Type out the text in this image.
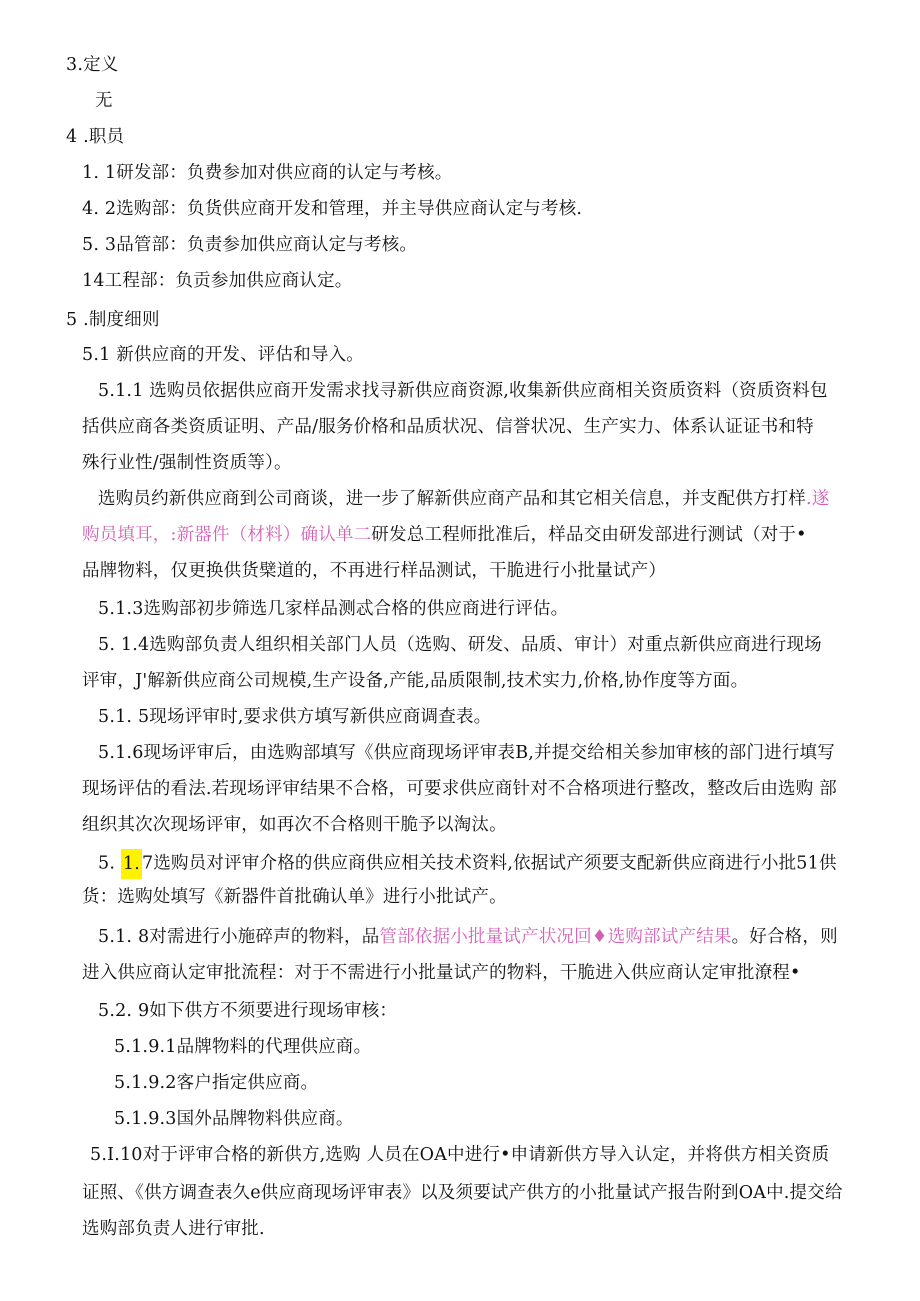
3.定义
无
4 .职员
1. 1研发部：负费参加对供应商的认定与考核。
4. 2选购部：负货供应商开发和管理，并主导供应商认定与考核.
5. 3品管部：负责参加供应商认定与考核。
14工程部：负贡参加供应商认定。
5 .制度细则
5.1 新供应商的开发、评估和导入。
5.1.1 选购员依据供应商开发需求找寻新供应商资源,收集新供应商相关资质资料（资质资料包
括供应商各类资质证明、产品/服务价格和品质状况、信誉状况、生产实力、体系认证证书和特
殊行业性/强制性资质等）。
选购员约新供应商到公司商谈，进一步了解新供应商产品和其它相关信息，并支配供方打样.遂
购员填耳，:新器件（材料）确认单二研发总工程师批准后，样品交由研发部进行测试（对于•
品牌物料，仅更换供货檗道的，不再进行样品测试，干脆进行小批量试产）
5.1.3选购部初步筛选几家样品测忒合格的供应商进行评估。
5. 1.4选购部负责人组织相关部门人员（选购、研发、品质、审计）对重点新供应商进行现场
评审，J'解新供应商公司规模,生产设备,产能,品质限制,技术实力,价格,协作度等方面。
5.1. 5现场评审时,要求供方填写新供应商调查表。
5.1.6现场评审后，由选购部填写《供应商现场评审表B,并提交给相关参加审核的部门进行填写
现场评估的看法.若现场评审结果不合格，可要求供应商针对不合格项进行整改，整改后由选购 部
组织其次次现场评审，如再次不合格则干脆予以淘汰。
5. 1. 7选购员对评审介格的供应商供应相关技术资料,依据试产须要支配新供应商进行小批51供
货：选购处填写《新器件首批确认单》进行小批试产。
5.1. 8对需进行小施碎声的物料，品管部依据小批量试产状况回♦选购部试产结果。好合格，则
进入供应商认定审批流程：对于不需进行小批量试产的物料，干脆进入供应商认定审批潦程•
5.2. 9如下供方不须要进行现场审核：
5.1.9.1品牌物料的代理供应商。
5.1.9.2客户指定供应商。
5.1.9.3国外品牌物料供应商。
5.I.10对于评审合格的新供方,选购 人员在OA中进行•申请新供方导入认定，并将供方相关资质
证照、《供方调查表久e供应商现场评审表》以及须要试产供方的小批量试产报告附到OA中.提交给
选购部负责人进行审批.
